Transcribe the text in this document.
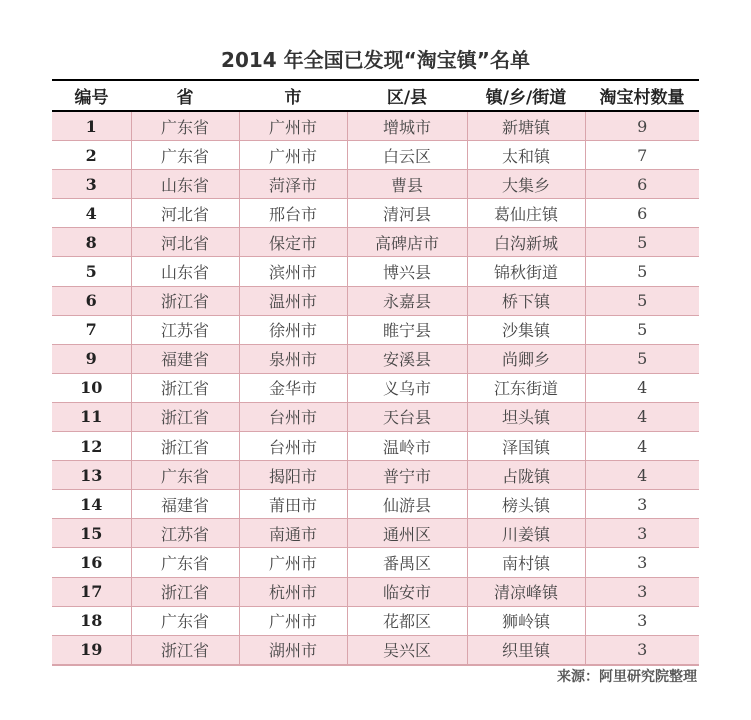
2014 年全国已发现“淘宝镇”名单
编号	省	市	区/县	镇/乡/街道	淘宝村数量
1	广东省	广州市	增城市	新塘镇	9
2	广东省	广州市	白云区	太和镇	7
3	山东省	菏泽市	曹县	大集乡	6
4	河北省	邢台市	清河县	葛仙庄镇	6
8	河北省	保定市	高碑店市	白沟新城	5
5	山东省	滨州市	博兴县	锦秋街道	5
6	浙江省	温州市	永嘉县	桥下镇	5
7	江苏省	徐州市	睢宁县	沙集镇	5
9	福建省	泉州市	安溪县	尚卿乡	5
10	浙江省	金华市	义乌市	江东街道	4
11	浙江省	台州市	天台县	坦头镇	4
12	浙江省	台州市	温岭市	泽国镇	4
13	广东省	揭阳市	普宁市	占陇镇	4
14	福建省	莆田市	仙游县	榜头镇	3
15	江苏省	南通市	通州区	川姜镇	3
16	广东省	广州市	番禺区	南村镇	3
17	浙江省	杭州市	临安市	清凉峰镇	3
18	广东省	广州市	花都区	狮岭镇	3
19	浙江省	湖州市	吴兴区	织里镇	3
来源：阿里研究院整理
